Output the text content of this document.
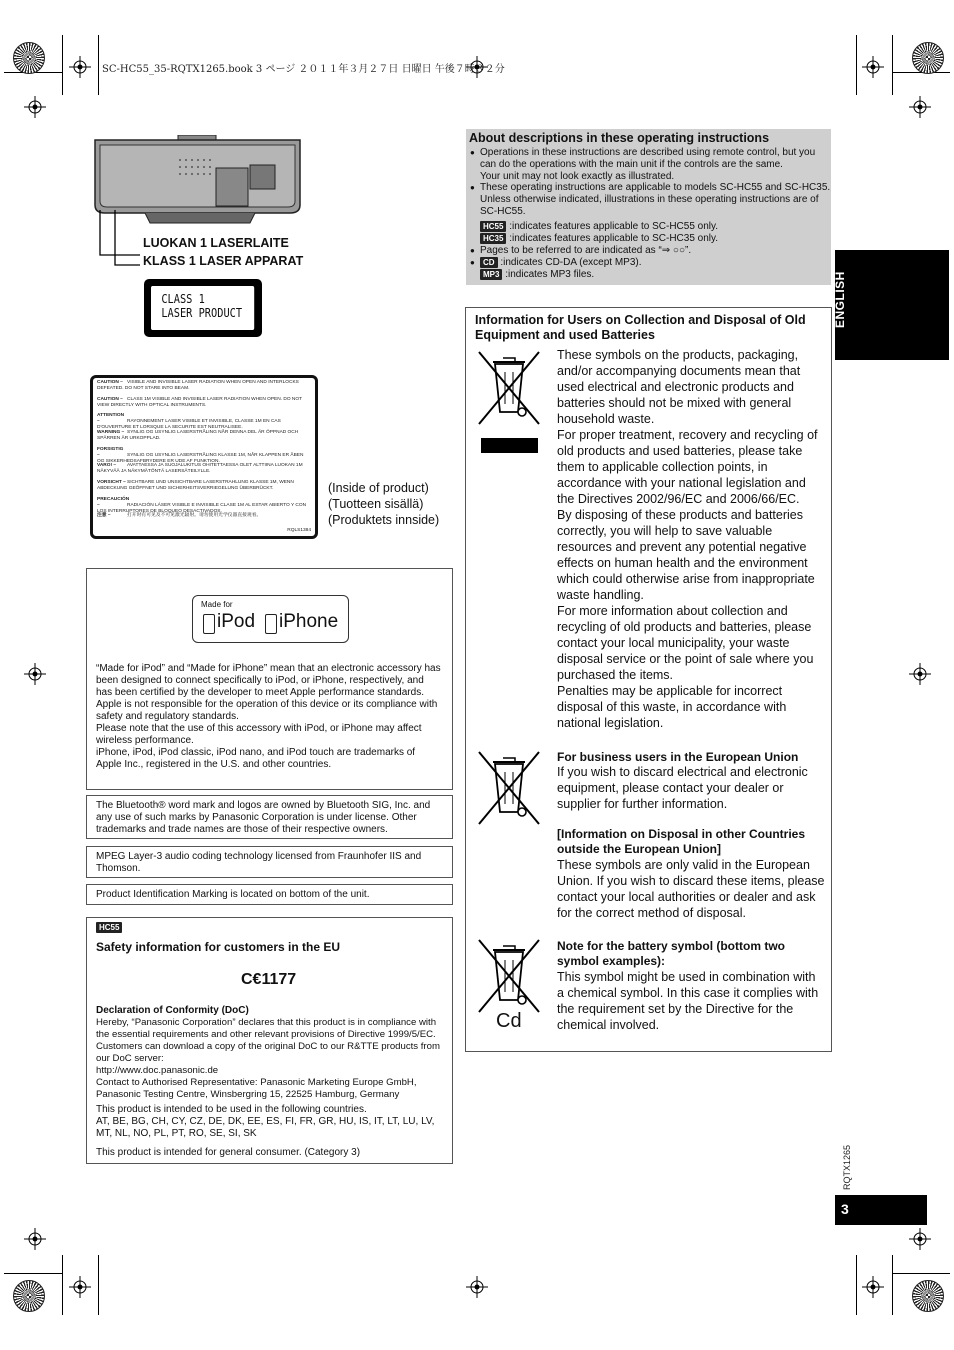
SC-HC55_35-RQTX1265.book 3 ページ ２０１１年３月２７日 日曜日 午後７時３２分
ENGLISH
RQTX1265
3
LUOKAN 1 LASERLAITE
KLASS 1 LASER APPARAT
CLASS 1
LASER PRODUCT
CAUTION – VISIBLE AND INVISIBLE LASER RADIATION WHEN OPEN AND INTERLOCKS DEFEATED. DO NOT STARE INTO BEAM.
CAUTION – CLASS 1M VISIBLE AND INVISIBLE LASER RADIATION WHEN OPEN. DO NOT VIEW DIRECTLY WITH OPTICAL INSTRUMENTS.
ATTENTION –	RAYONNEMENT LASER VISIBLE ET INVISIBLE, CLASSE 1M EN CAS D'OUVERTURE ET LORSQUE LA SECURITE EST NEUTRALISEE.
WARNING – SYNLIG OG USYNLIG LASERSTRÅLING NÅR DENNA DEL ÄR ÖPPNAD OCH SPÄRREN ÄR URKOPPLAD.
FORSIGTIG –	SYNLIG OG USYNLIG LASERSTRÅLING KLASSE 1M, NÅR KLAPPEN ER ÅBEN OG SIKKERHEDSAFBRYDERE ER UDE AF FUNKTION.
VARO! – AVATTAESSA JA SUOJALUKITUS OHITETTAESSA OLET ALTTIINA LUOKAN 1M NÄKYVÄÄ JA NÄKYMÄTÖNTÄ LASERSÄTEILYLLE.
VORSICHT –SICHTBARE UND UNSICHTBARE LASERSTRAHLUNG KLASSE 1M, WENN ABDECKUNG GEÖFFNET UND SICHERHEITSVERRIEGELUNG ÜBERBRÜCKT.
PRECAUCIÓN –	RADIACIÓN LÁSER VISIBLE E INVISIBLE CLASE 1M AL ESTAR ABIERTO Y CON LOS INTERRUPTORES DE BLOQUEO DESACTIVADOS.
注意 –	打开时有可见及不可见激光辐射。请勿使用光学仪器直接观看。
RQLS1384
(Inside of product)
(Tuotteen sisällä)
(Produktets innside)
Made for
iPod iPhone
“Made for iPod” and “Made for iPhone” mean that an electronic accessory has been designed to connect specifically to iPod, or iPhone, respectively, and has been certified by the developer to meet Apple performance standards.
Apple is not responsible for the operation of this device or its compliance with safety and regulatory standards.
Please note that the use of this accessory with iPod, or iPhone may affect wireless performance.
iPhone, iPod, iPod classic, iPod nano, and iPod touch are trademarks of Apple Inc., registered in the U.S. and other countries.
The Bluetooth® word mark and logos are owned by Bluetooth SIG, Inc. and any use of such marks by Panasonic Corporation is under license. Other trademarks and trade names are those of their respective owners.
MPEG Layer-3 audio coding technology licensed from Fraunhofer IIS and Thomson.
Product Identification Marking is located on bottom of the unit.
HC55
Safety information for customers in the EU
C€1177
Declaration of Conformity (DoC)
Hereby, “Panasonic Corporation” declares that this product is in compliance with the essential requirements and other relevant provisions of Directive 1999/5/EC.
Customers can download a copy of the original DoC to our R&TTE products from our DoC server:
http://www.doc.panasonic.de
Contact to Authorised Representative: Panasonic Marketing Europe GmbH, Panasonic Testing Centre, Winsbergring 15, 22525 Hamburg, Germany
This product is intended to be used in the following countries.
AT, BE, BG, CH, CY, CZ, DE, DK, EE, ES, FI, FR, GR, HU, IS, IT, LT, LU, LV, MT, NL, NO, PL, PT, RO, SE, SI, SK
This product is intended for general consumer. (Category 3)
About descriptions in these operating instructions
● Operations in these instructions are described using remote control, but you can do the operations with the main unit if the controls are the same.
Your unit may not look exactly as illustrated.
● These operating instructions are applicable to models SC-HC55 and SC-HC35. Unless otherwise indicated, illustrations in these operating instructions are of SC-HC55.
HC55 :indicates features applicable to SC-HC55 only.
HC35 :indicates features applicable to SC-HC35 only.
● Pages to be referred to are indicated as “⇒ ○○”.
●	CD :indicates CD-DA (except MP3).
MP3 :indicates MP3 files.
Information for Users on Collection and Disposal of Old Equipment and used Batteries
These symbols on the products, packaging, and/or accompanying documents mean that used electrical and electronic products and batteries should not be mixed with general household waste.
For proper treatment, recovery and recycling of old products and used batteries, please take them to applicable collection points, in accordance with your national legislation and the Directives 2002/96/EC and 2006/66/EC.
By disposing of these products and batteries correctly, you will help to save valuable resources and prevent any potential negative effects on human health and the environment which could otherwise arise from inappropriate waste handling.
For more information about collection and recycling of old products and batteries, please contact your local municipality, your waste disposal service or the point of sale where you purchased the items.
Penalties may be applicable for incorrect disposal of this waste, in accordance with national legislation.
For business users in the European Union
If you wish to discard electrical and electronic equipment, please contact your dealer or supplier for further information.
[Information on Disposal in other Countries outside the European Union]
These symbols are only valid in the European Union. If you wish to discard these items, please contact your local authorities or dealer and ask for the correct method of disposal.
Cd
Note for the battery symbol (bottom two symbol examples):
This symbol might be used in combination with a chemical symbol. In this case it complies with the requirement set by the Directive for the chemical involved.
